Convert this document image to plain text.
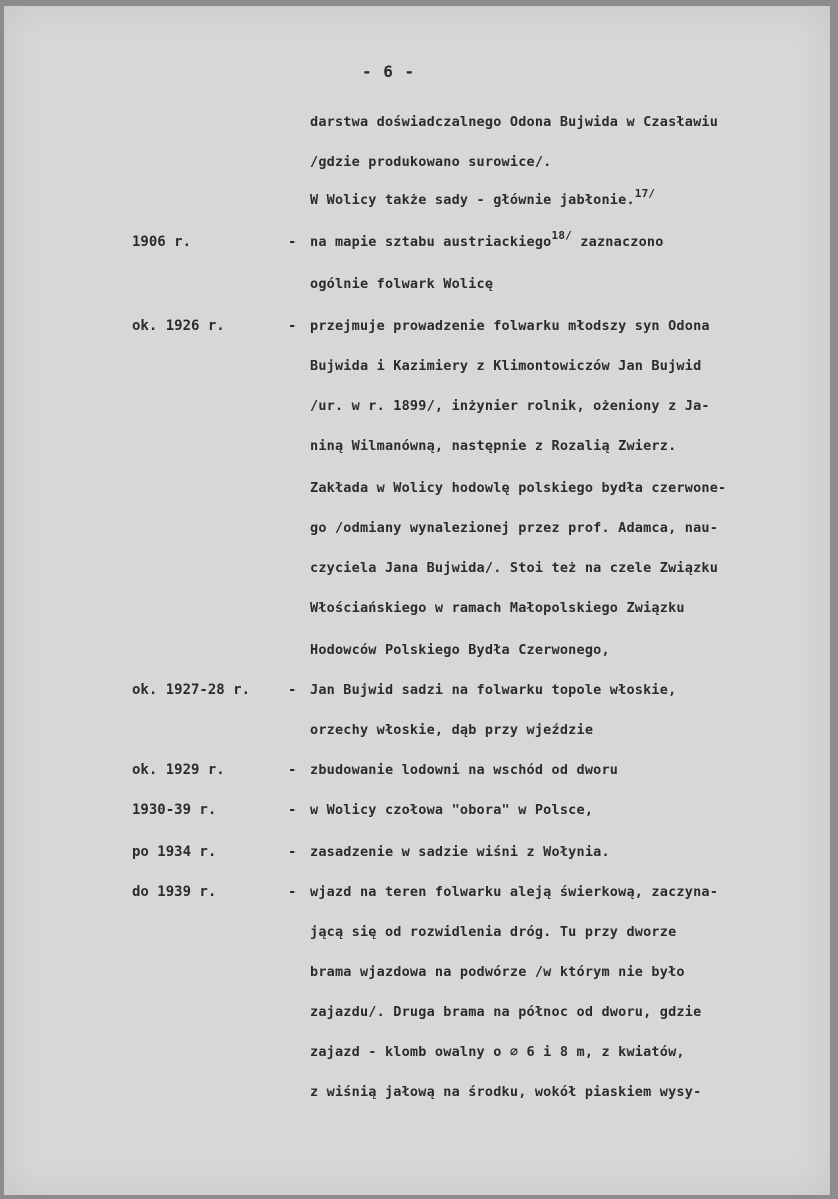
- 6 -
darstwa doświadczalnego Odona Bujwida w Czasławiu
/gdzie produkowano surowice/.
W Wolicy także sady - głównie jabłonie.$^{17/}$
1906 r.	- na mapie sztabu austriackiego$^{18/}$ zaznaczono
ogólnie folwark Wolicę
ok. 1926 r.	- przejmuje prowadzenie folwarku młodszy syn Odona
Bujwida i Kazimiery z Klimontowiczów Jan Bujwid
/ur. w r. 1899/, inżynier rolnik, ożeniony z Ja-
niną Wilmanówną, następnie z Rozalią Zwierz.
Zakłada w Wolicy hodowlę polskiego bydła czerwone-
go /odmiany wynalezionej przez prof. Adamca, nau-
czyciela Jana Bujwida/. Stoi też na czele Związku
Włościańskiego w ramach Małopolskiego Związku
Hodowców Polskiego Bydła Czerwonego,
ok. 1927-28 r.	- Jan Bujwid sadzi na folwarku topole włoskie,
orzechy włoskie, dąb przy wjeździe
ok. 1929 r.	- zbudowanie lodowni na wschód od dworu
1930-39 r.	- w Wolicy czołowa "obora" w Polsce,
po 1934 r.	- zasadzenie w sadzie wiśni z Wołynia.
do 1939 r.	- wjazd na teren folwarku aleją świerkową, zaczyna-
jącą się od rozwidlenia dróg. Tu przy dworze
brama wjazdowa na podwórze /w którym nie było
zajazdu/. Druga brama na północ od dworu, gdzie
zajazd - klomb owalny o ∅ 6 i 8 m, z kwiatów,
z wiśnią jałową na środku, wokół piaskiem wysy-
